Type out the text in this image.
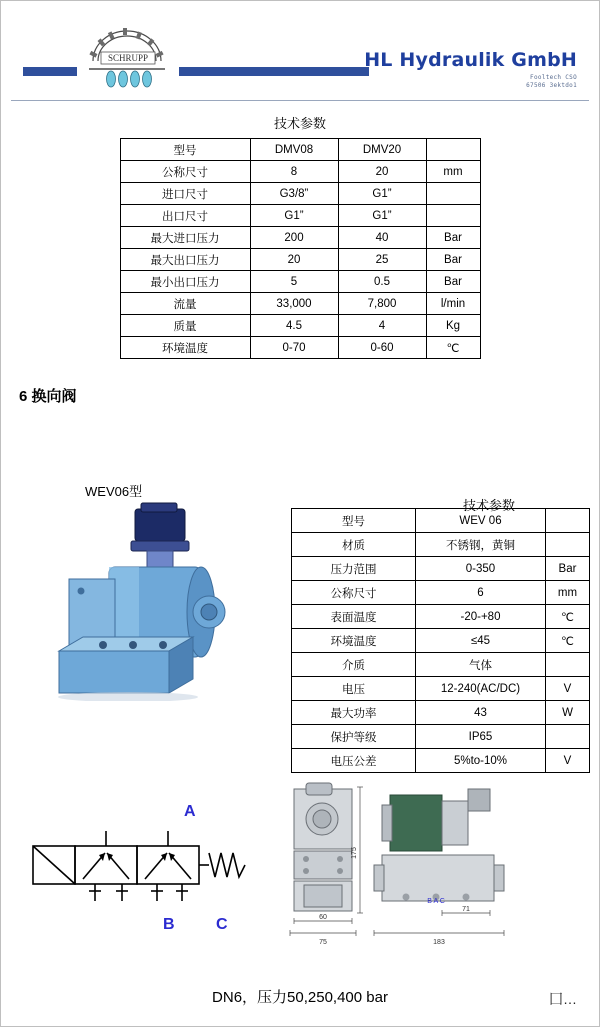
SCHRUPP	HL Hydraulik GmbH
Fooltech CSO
67506 3ektdo1
技术参数
型号	DMV08	DMV20	
公称尺寸	8	20	mm
进口尺寸	G3/8”	G1”	
出口尺寸	G1”	G1”	
最大进口压力	200	40	Bar
最大出口压力	20	25	Bar
最小出口压力	5	0.5	Bar
流量	33,000	7,800	l/min
质量	4.5	4	Kg
环境温度	0-70	0-60	℃
6 换向阀
WEV06型
技术参数
型号	WEV 06	
材质	不锈钢，黄铜	
压力范围	0-350	Bar
公称尺寸	6	mm
表面温度	-20-+80	℃
环境温度	≤45	℃
介质	气体	
电压	12-240(AC/DC)	V
最大功率	43	W
保护等级	IP65	
电压公差	5%to-10%	V
A
B	C
175
60
75
B A C
71
183
DN6，压力50,250,400 bar	囗…
